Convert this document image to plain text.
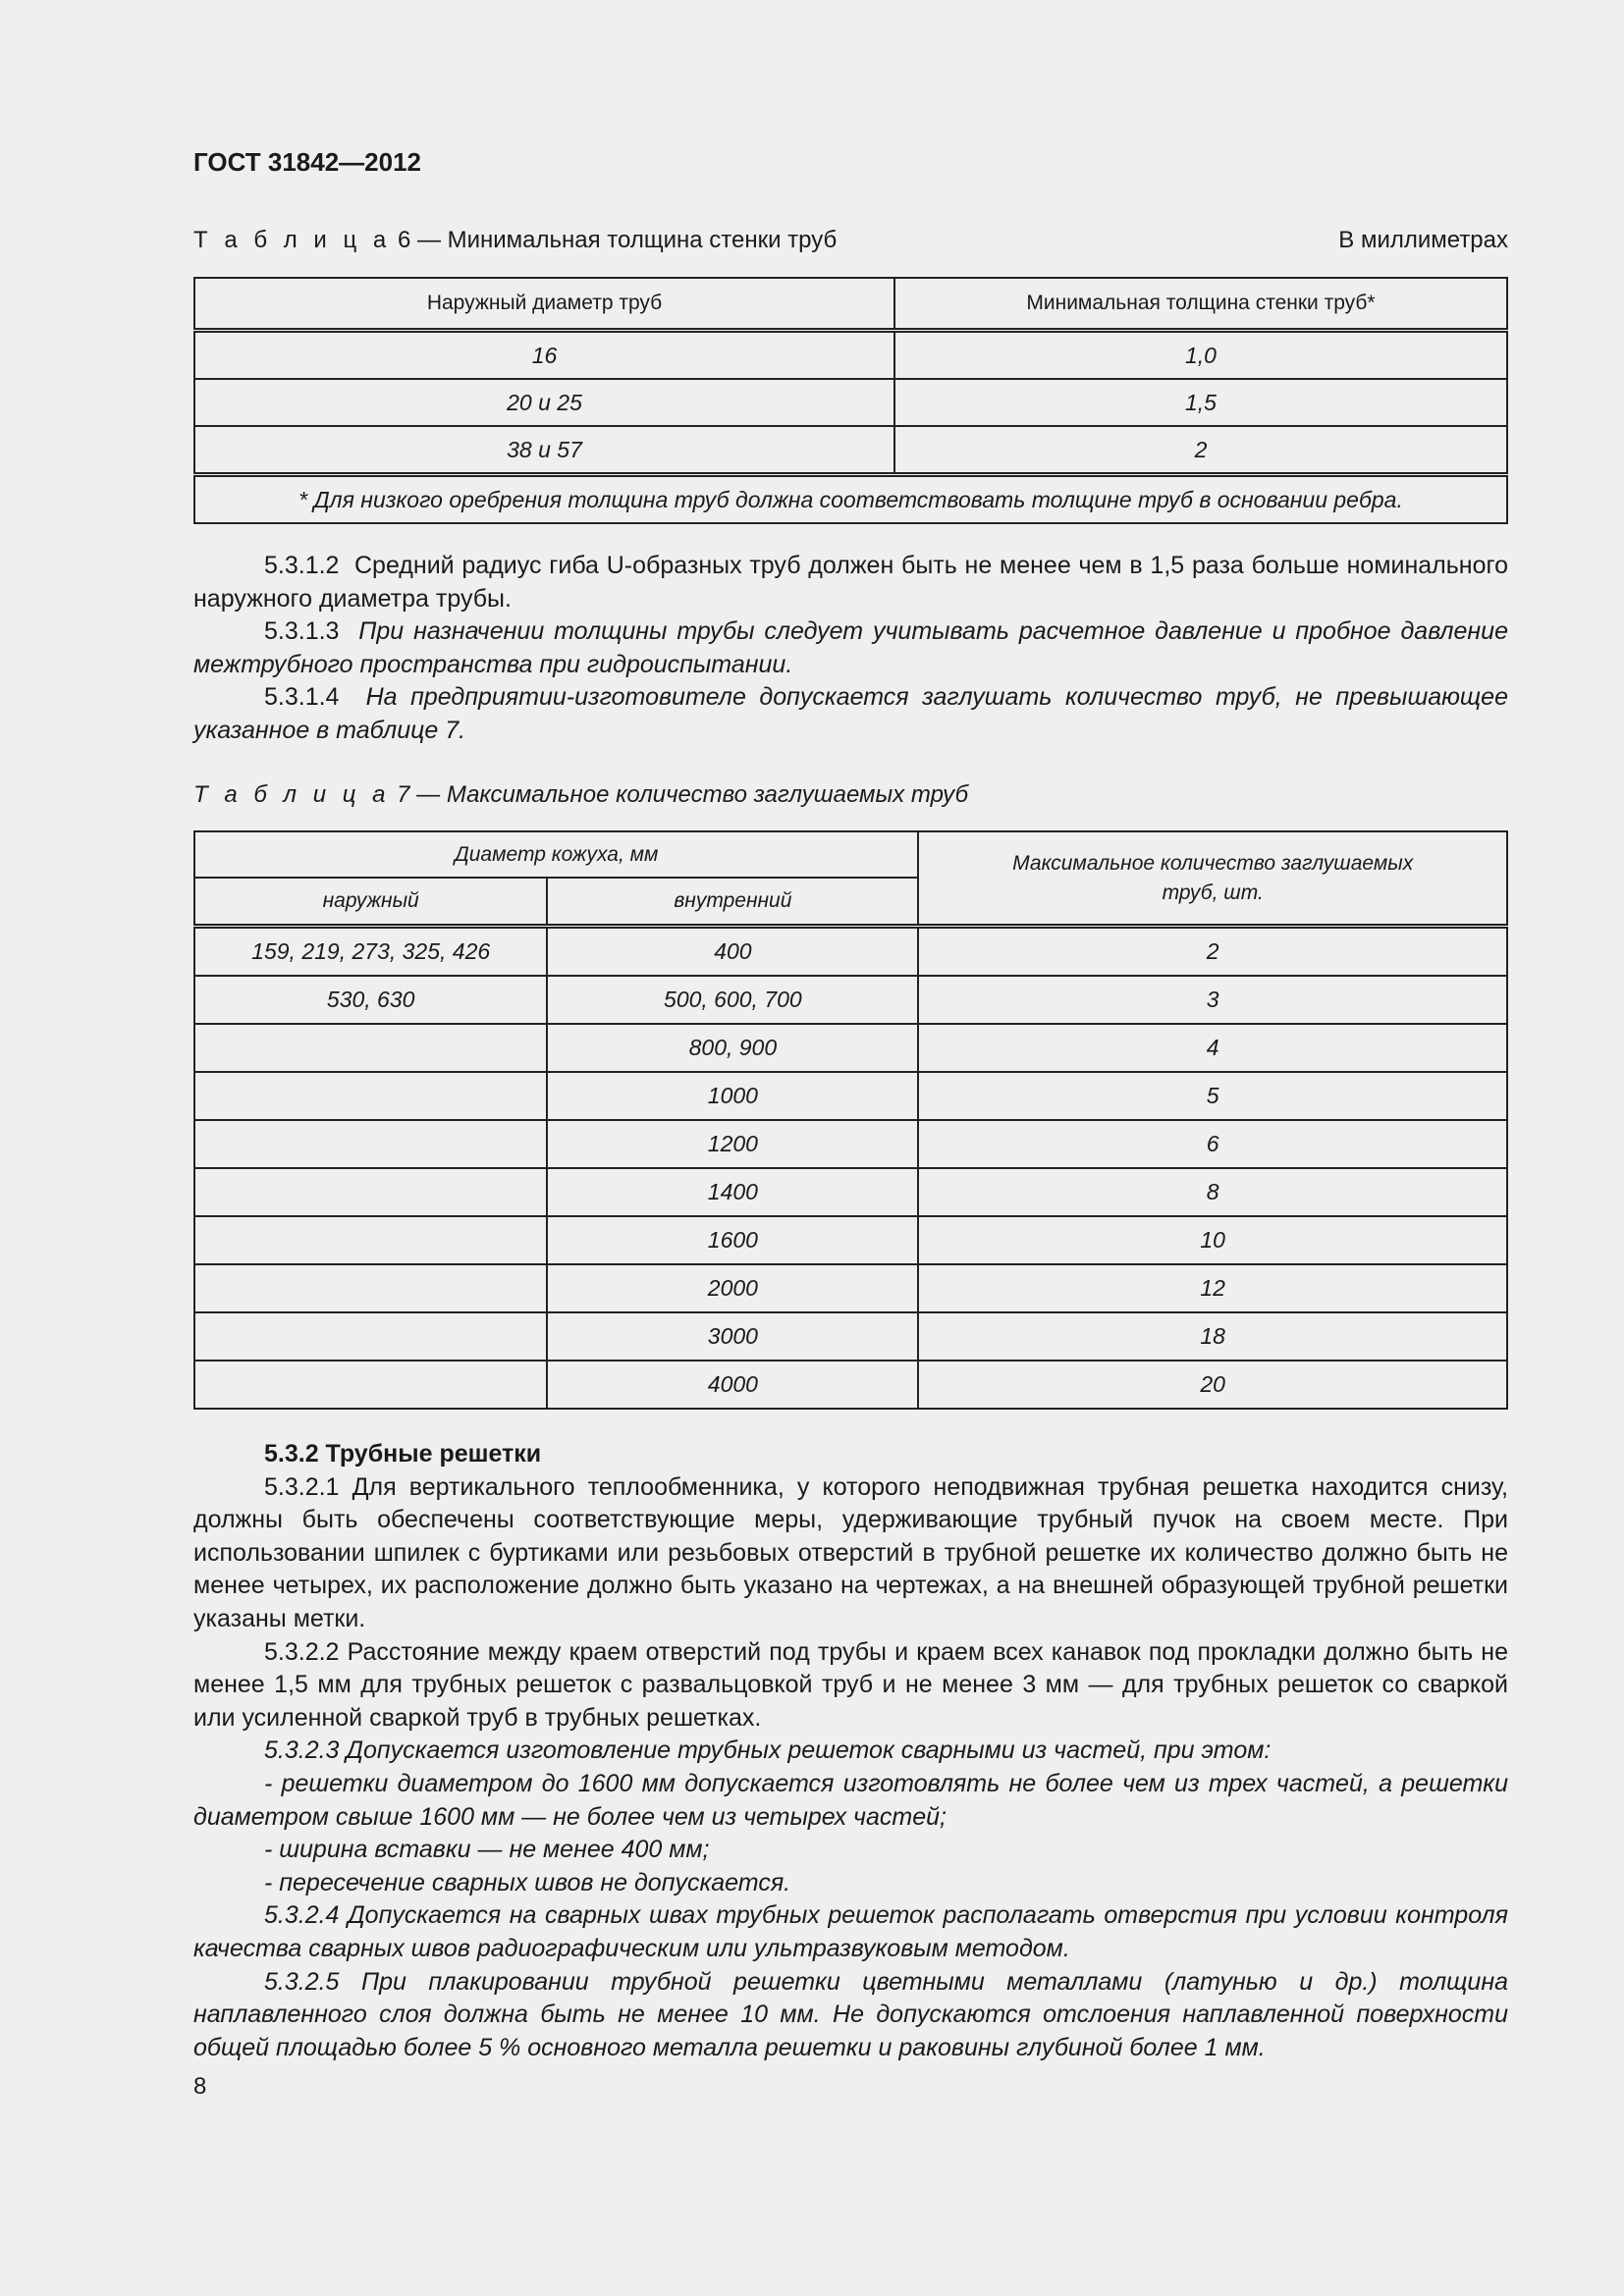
ГОСТ 31842—2012
Т а б л и ц а 6 — Минимальная толщина стенки труб	В миллиметрах
Наружный диаметр труб	Минимальная толщина стенки труб*
16	1,0
20 и 25	1,5
38 и 57	2
* Для низкого оребрения толщина труб должна соответствовать толщине труб в основании ребра.	

5.3.1.2 Средний радиус гиба U-образных труб должен быть не менее чем в 1,5 раза больше номинального наружного диаметра трубы.

5.3.1.3 При назначении толщины трубы следует учитывать расчетное давление и пробное давление межтрубного пространства при гидроиспытании.

5.3.1.4 На предприятии-изготовителе допускается заглушать количество труб, не превышающее указанное в таблице 7.

Т а б л и ц а 7 — Максимальное количество заглушаемых труб
Диаметр кожуха, мм		Максимальное количество заглушаемых труб, шт.
наружный	внутренний	
159, 219, 273, 325, 426	400	2
530, 630	500, 600, 700	3
	800, 900	4
	1000	5
	1200	6
	1400	8
	1600	10
	2000	12
	3000	18
	4000	20

5.3.2 Трубные решетки

5.3.2.1 Для вертикального теплообменника, у которого неподвижная трубная решетка находится снизу, должны быть обеспечены соответствующие меры, удерживающие трубный пучок на своем месте. При использовании шпилек с буртиками или резьбовых отверстий в трубной решетке их количество должно быть не менее четырех, их расположение должно быть указано на чертежах, а на внешней образующей трубной решетки указаны метки.

5.3.2.2 Расстояние между краем отверстий под трубы и краем всех канавок под прокладки должно быть не менее 1,5 мм для трубных решеток с развальцовкой труб и не менее 3 мм — для трубных решеток со сваркой или усиленной сваркой труб в трубных решетках.

5.3.2.3 Допускается изготовление трубных решеток сварными из частей, при этом:

- решетки диаметром до 1600 мм допускается изготовлять не более чем из трех частей, а решетки диаметром свыше 1600 мм — не более чем из четырех частей;

- ширина вставки — не менее 400 мм;

- пересечение сварных швов не допускается.

5.3.2.4 Допускается на сварных швах трубных решеток располагать отверстия при условии контроля качества сварных швов радиографическим или ультразвуковым методом.

5.3.2.5 При плакировании трубной решетки цветными металлами (латунью и др.) толщина наплавленного слоя должна быть не менее 10 мм. Не допускаются отслоения наплавленной поверхности общей площадью более 5 % основного металла решетки и раковины глубиной более 1 мм.

8
